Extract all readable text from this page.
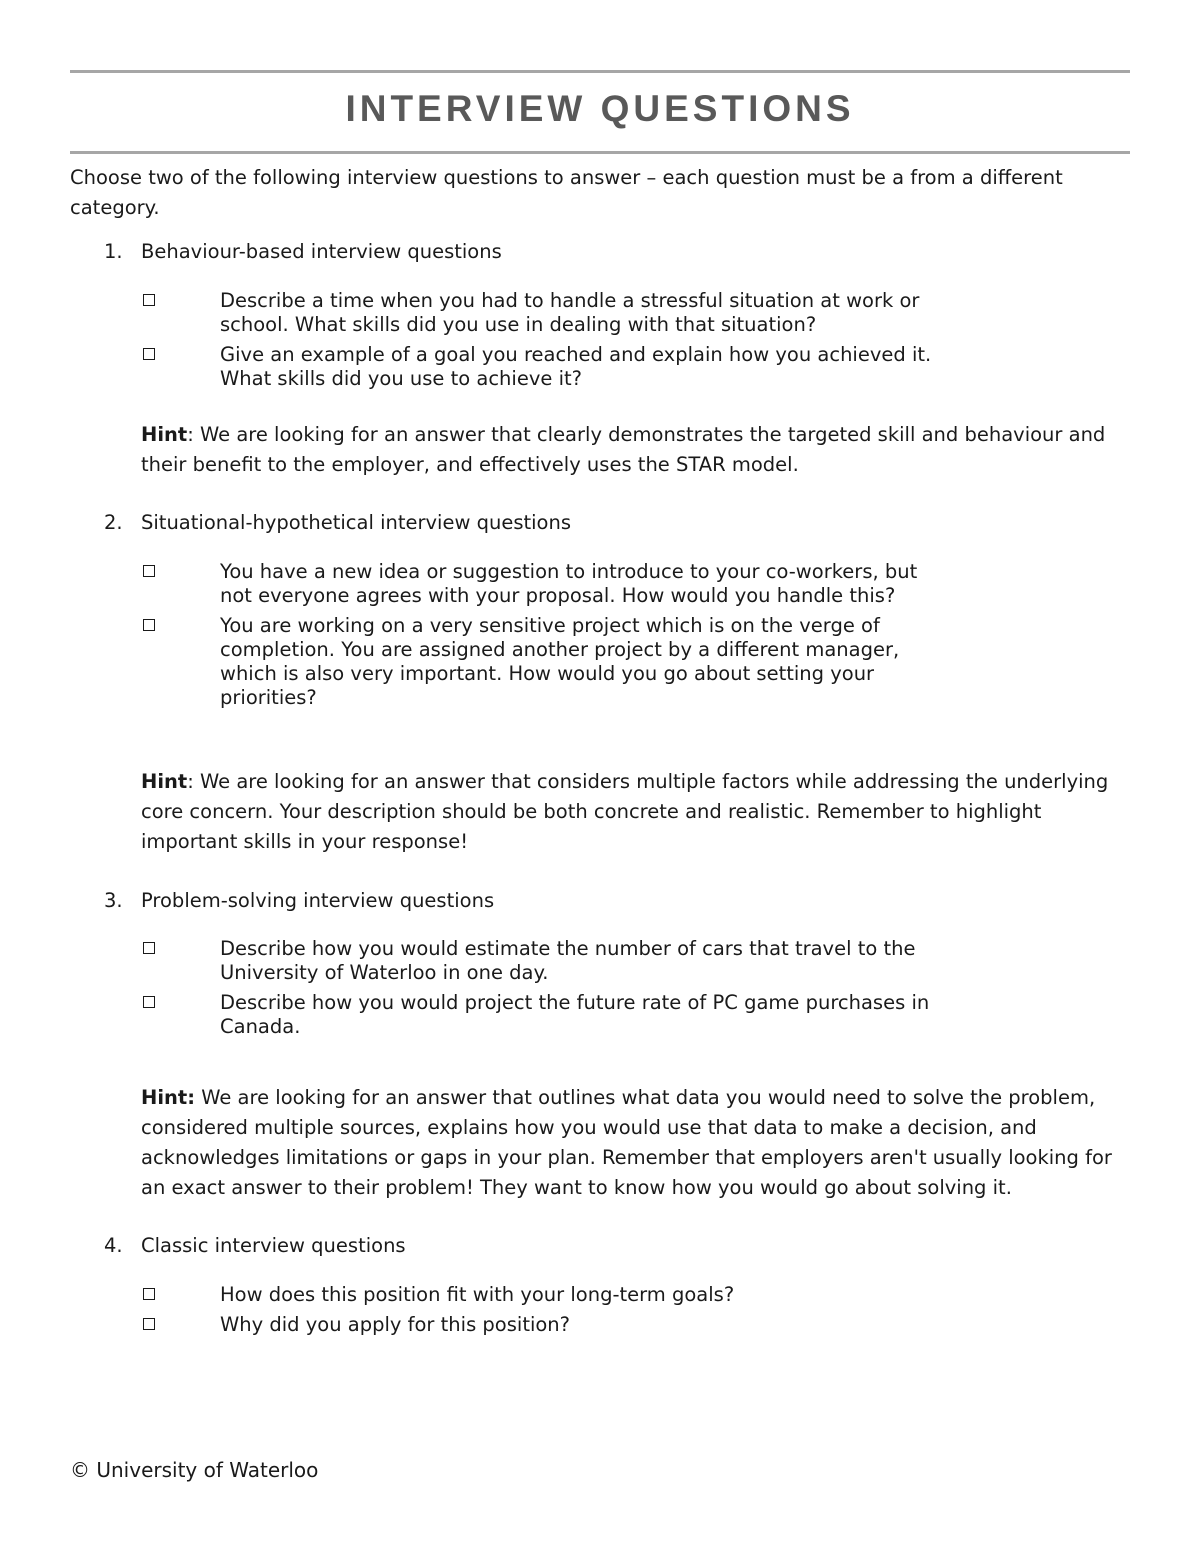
INTERVIEW QUESTIONS

Choose two of the following interview questions to answer – each question must be a from a different category.

1. Behaviour-based interview questions

Describe a time when you had to handle a stressful situation at work or school. What skills did you use in dealing with that situation?
Give an example of a goal you reached and explain how you achieved it. What skills did you use to achieve it?

Hint: We are looking for an answer that clearly demonstrates the targeted skill and behaviour and their benefit to the employer, and effectively uses the STAR model.

2. Situational-hypothetical interview questions

You have a new idea or suggestion to introduce to your co-workers, but not everyone agrees with your proposal. How would you handle this?
You are working on a very sensitive project which is on the verge of completion. You are assigned another project by a different manager, which is also very important. How would you go about setting your priorities?

Hint: We are looking for an answer that considers multiple factors while addressing the underlying core concern. Your description should be both concrete and realistic. Remember to highlight important skills in your response!

3. Problem-solving interview questions

Describe how you would estimate the number of cars that travel to the University of Waterloo in one day.
Describe how you would project the future rate of PC game purchases in Canada.

Hint: We are looking for an answer that outlines what data you would need to solve the problem, considered multiple sources, explains how you would use that data to make a decision, and acknowledges limitations or gaps in your plan. Remember that employers aren't usually looking for an exact answer to their problem! They want to know how you would go about solving it.

4. Classic interview questions

How does this position fit with your long-term goals?
Why did you apply for this position?

© University of Waterloo
